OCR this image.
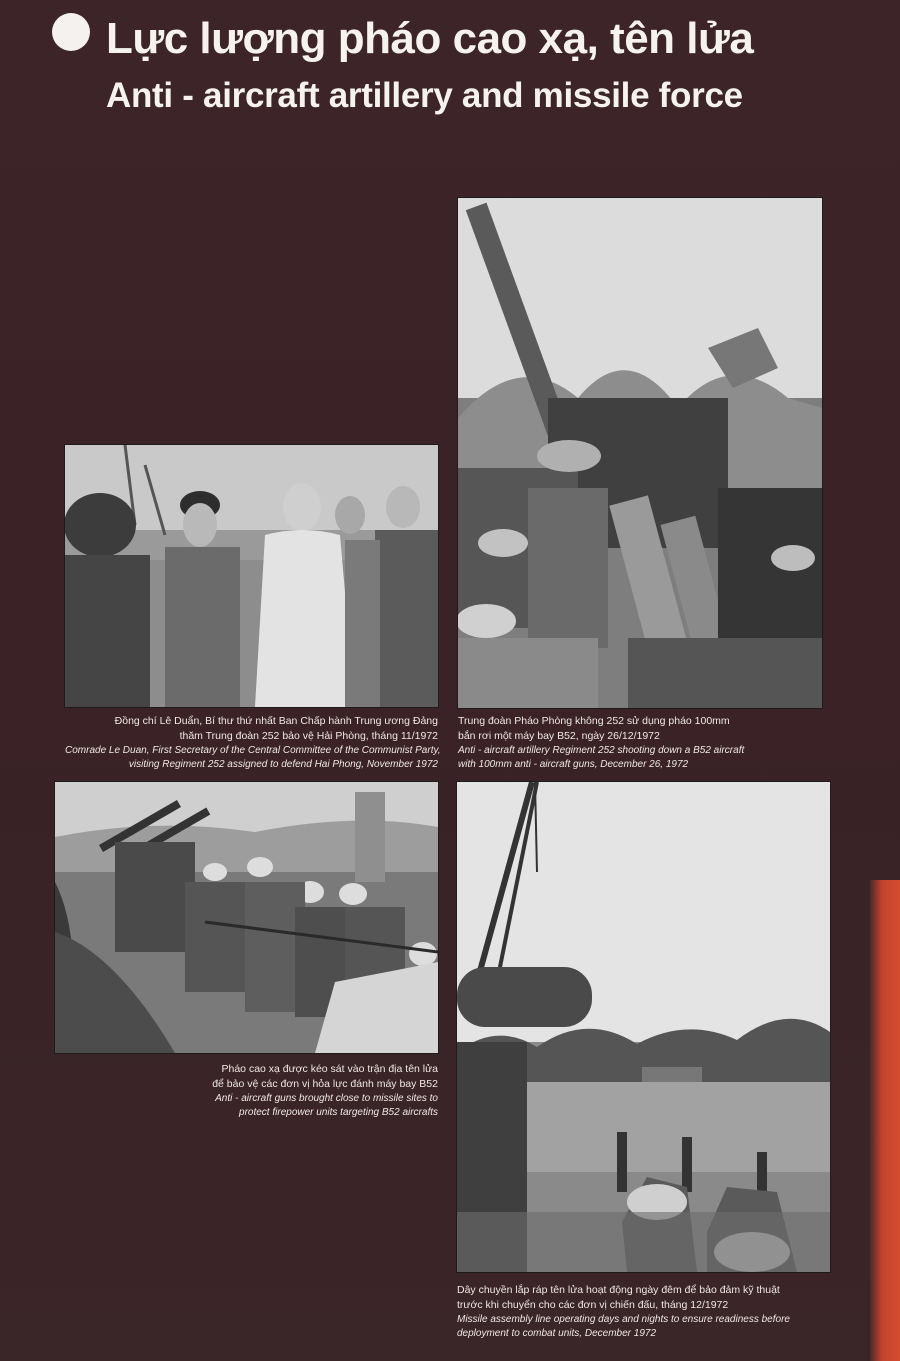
Lực lượng pháo cao xạ, tên lửa
Anti - aircraft artillery and missile force
Đồng chí Lê Duẩn, Bí thư thứ nhất Ban Chấp hành Trung ương Đảng
thăm Trung đoàn 252 bảo vệ Hải Phòng, tháng 11/1972
Comrade Le Duan, First Secretary of the Central Committee of the Communist Party,
visiting Regiment 252 assigned to defend Hai Phong, November 1972
Trung đoàn Pháo Phòng không 252 sử dụng pháo 100mm
bắn rơi một máy bay B52, ngày 26/12/1972
Anti - aircraft artillery Regiment 252 shooting down a B52 aircraft
with 100mm anti - aircraft guns, December 26, 1972
Pháo cao xạ được kéo sát vào trận địa tên lửa
để bảo vệ các đơn vị hỏa lực đánh máy bay B52
Anti - aircraft guns brought close to missile sites to
protect firepower units targeting B52 aircrafts
Dây chuyền lắp ráp tên lửa hoạt động ngày đêm để bảo đảm kỹ thuật
trước khi chuyển cho các đơn vị chiến đấu, tháng 12/1972
Missile assembly line operating days and nights to ensure readiness before
deployment to combat units, December 1972
